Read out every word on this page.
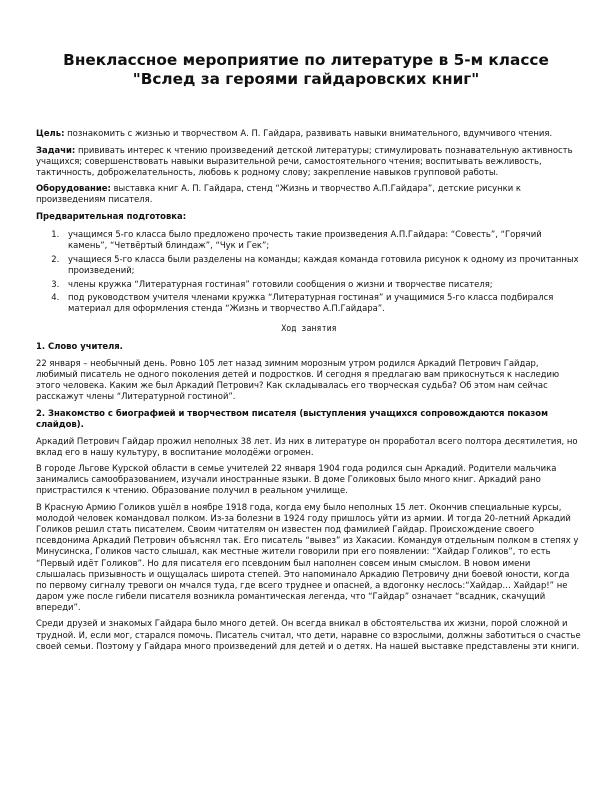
Внеклассное мероприятие по литературе в 5-м классе
"Вслед за героями гайдаровских книг"

Цель: познакомить с жизнью и творчеством А. П. Гайдара, развивать навыки внимательного, вдумчивого чтения.

Задачи: прививать интерес к чтению произведений детской литературы; стимулировать познавательную активность учащихся; совершенствовать навыки выразительной речи, самостоятельного чтения; воспитывать вежливость, тактичность, доброжелательность, любовь к родному слову; закрепление навыков групповой работы.

Оборудование: выставка книг А. П. Гайдара, стенд “Жизнь и творчество А.П.Гайдара”, детские рисунки к произведениям писателя.

Предварительная подготовка:

1. учащимся 5-го класса было предложено прочесть такие произведения А.П.Гайдара: “Совесть”, “Горячий камень”, “Четвёртый блиндаж”, “Чук и Гек”;
2. учащиеся 5-го класса были разделены на команды; каждая команда готовила рисунок к одному из прочитанных произведений;
3. члены кружка “Литературная гостиная” готовили сообщения о жизни и творчестве писателя;
4. под руководством учителя членами кружка “Литературная гостиная” и учащимися 5-го класса подбирался материал для оформления стенда “Жизнь и творчество А.П.Гайдара”.

Ход занятия

1. Слово учителя.

22 января – необычный день. Ровно 105 лет назад зимним морозным утром родился Аркадий Петрович Гайдар, любимый писатель не одного поколения детей и подростков. И сегодня я предлагаю вам прикоснуться к наследию этого человека. Каким же был Аркадий Петрович? Как складывалась его творческая судьба? Об этом нам сейчас расскажут члены “Литературной гостиной”.

2. Знакомство с биографией и творчеством писателя (выступления учащихся сопровождаются показом слайдов).

Аркадий Петрович Гайдар прожил неполных 38 лет. Из них в литературе он проработал всего полтора десятилетия, но вклад его в нашу культуру, в воспитание молодёжи огромен.

В городе Льгове Курской области в семье учителей 22 января 1904 года родился сын Аркадий. Родители мальчика занимались самообразованием, изучали иностранные языки. В доме Голиковых было много книг. Аркадий рано пристрастился к чтению. Образование получил в реальном училище.

В Красную Армию Голиков ушёл в ноябре 1918 года, когда ему было неполных 15 лет. Окончив специальные курсы, молодой человек командовал полком. Из-за болезни в 1924 году пришлось уйти из армии. И тогда 20-летний Аркадий Голиков решил стать писателем. Своим читателям он известен под фамилией Гайдар. Происхождение своего псевдонима Аркадий Петрович объяснял так. Его писатель “вывез” из Хакасии. Командуя отдельным полком в степях у Минусинска, Голиков часто слышал, как местные жители говорили при его появлении: “Хайдар Голиков”, то есть “Первый идёт Голиков”. Но для писателя его псевдоним был наполнен совсем иным смыслом. В новом имени слышалась призывность и ощущалась широта степей. Это напоминало Аркадию Петровичу дни боевой юности, когда по первому сигналу тревоги он мчался туда, где всего труднее и опасней, а вдогонку неслось:“Хайдар… Хайдар!” не даром уже после гибели писателя возникла романтическая легенда, что “Гайдар” означает “всадник, скачущий впереди”.

Среди друзей и знакомых Гайдара было много детей. Он всегда вникал в обстоятельства их жизни, порой сложной и трудной. И, если мог, старался помочь. Писатель считал, что дети, наравне со взрослыми, должны заботиться о счастье своей семьи. Поэтому у Гайдара много произведений для детей и о детях. На нашей выставке представлены эти книги.
